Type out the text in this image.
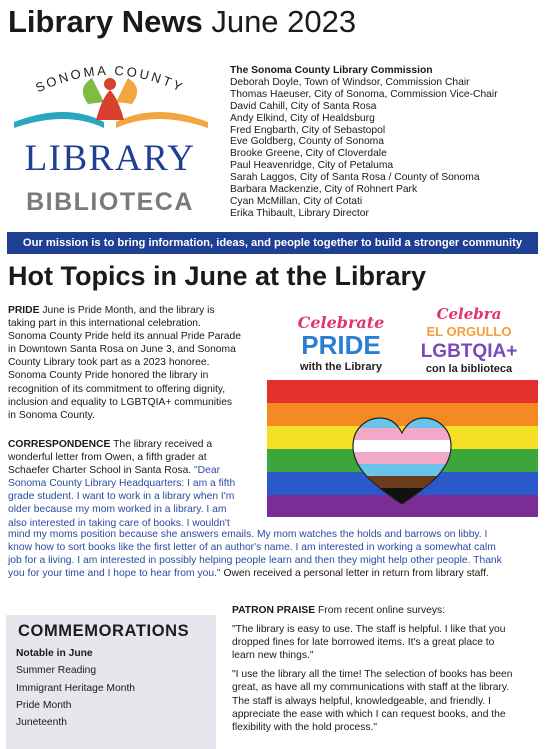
Library News June 2023
SONOMA COUNTY
LIBRARY
BIBLIOTECA
The Sonoma County Library Commission
Deborah Doyle, Town of Windsor, Commission Chair
Thomas Haeuser, City of Sonoma, Commission Vice-Chair
David Cahill, City of Santa Rosa
Andy Elkind, City of Healdsburg
Fred Engbarth, City of Sebastopol
Eve Goldberg, County of Sonoma
Brooke Greene, City of Cloverdale
Paul Heavenridge, City of Petaluma
Sarah Laggos, City of Santa Rosa / County of Sonoma
Barbara Mackenzie, City of Rohnert Park
Cyan McMillan, City of Cotati
Erika Thibault, Library Director
Our mission is to bring information, ideas, and people together to build a stronger community
Hot Topics in June at the Library
PRIDE June is Pride Month, and the library is
taking part in this international celebration.
Sonoma County Pride held its annual Pride Parade
in Downtown Santa Rosa on June 3, and Sonoma
County Library took part as a 2023 honoree.
Sonoma County Pride honored the library in
recognition of its commitment to offering dignity,
inclusion and equality to LGBTQIA+ communities
in Sonoma County.
CORRESPONDENCE The library received a
wonderful letter from Owen, a fifth grader at
Schaefer Charter School in Santa Rosa. "Dear
Sonoma County Library Headquarters: I am a fifth
grade student. I want to work in a library when I'm
older because my mom worked in a library. I am
also interested in taking care of books. I wouldn't
mind my moms position because she answers emails. My mom watches the holds and barrows on libby. I
know how to sort books like the first letter of an author's name. I am interested in working a somewhat calm
job for a living. I am interested in possibly helping people learn and then they might help other people. Thank
you for your time and I hope to hear from you." Owen received a personal letter in return from library staff.
Celebrate
PRIDE
with the Library
Celebra
EL ORGULLO
LGBTQIA+
con la biblioteca
COMMEMORATIONS
Notable in June
Summer Reading
Immigrant Heritage Month
Pride Month
Juneteenth

PATRON PRAISE From recent online surveys:

"The library is easy to use. The staff is helpful. I like that you
dropped fines for late borrowed items. It's a great place to
learn new things."

"I use the library all the time! The selection of books has been
great, as have all my communications with staff at the library.
The staff is always helpful, knowledgeable, and friendly. I
appreciate the ease with which I can request books, and the
flexibility with the hold process."
